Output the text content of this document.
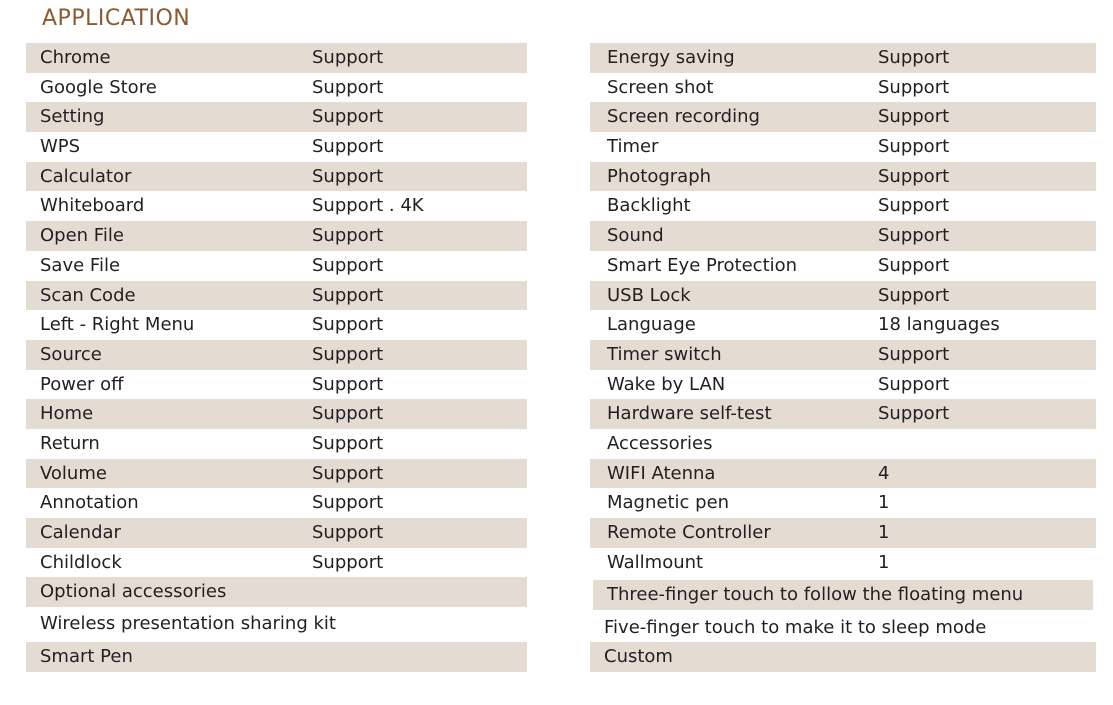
APPLICATION
Chrome	Support
Google Store	Support
Setting	Support
WPS	Support
Calculator	Support
Whiteboard	Support . 4K
Open File	Support
Save File	Support
Scan Code	Support
Left - Right Menu	Support
Source	Support
Power off	Support
Home	Support
Return	Support
Volume	Support
Annotation	Support
Calendar	Support
Childlock	Support
Optional accessories
Wireless presentation sharing kit
Smart Pen
Energy saving	Support
Screen shot	Support
Screen recording	Support
Timer	Support
Photograph	Support
Backlight	Support
Sound	Support
Smart Eye Protection	Support
USB Lock	Support
Language	18 languages
Timer switch	Support
Wake by LAN	Support
Hardware self-test	Support
Accessories
WIFI Atenna	4
Magnetic pen	1
Remote Controller	1
Wallmount	1
Three-finger touch to follow the floating menu
Five-finger touch to make it to sleep mode
Custom
